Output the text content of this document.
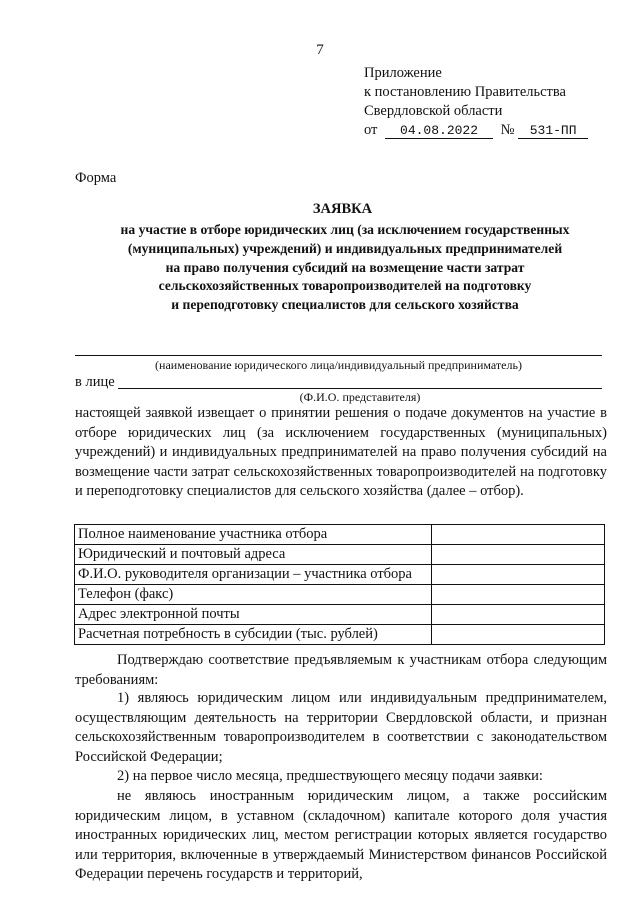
7
Приложение
к постановлению Правительства
Свердловской области
от 04.08.2022 № 531-ПП
Форма
ЗАЯВКА
на участие в отборе юридических лиц (за исключением государственных
(муниципальных) учреждений) и индивидуальных предпринимателей
на право получения субсидий на возмещение части затрат
сельскохозяйственных товаропроизводителей на подготовку
и переподготовку специалистов для сельского хозяйства
(наименование юридического лица/индивидуальный предприниматель)
в лице
(Ф.И.О. представителя)
настоящей заявкой извещает о принятии решения о подаче документов на участие в отборе юридических лиц (за исключением государственных (муниципальных) учреждений) и индивидуальных предпринимателей на право получения субсидий на возмещение части затрат сельскохозяйственных товаропроизводителей на подготовку и переподготовку специалистов для сельского хозяйства (далее – отбор).
Полное наименование участника отбора	
Юридический и почтовый адреса	
Ф.И.О. руководителя организации – участника отбора	
Телефон (факс)	
Адрес электронной почты	
Расчетная потребность в субсидии (тыс. рублей)	
Подтверждаю соответствие предъявляемым к участникам отбора следующим требованиям:
1) являюсь юридическим лицом или индивидуальным предпринимателем, осуществляющим деятельность на территории Свердловской области, и признан сельскохозяйственным товаропроизводителем в соответствии с законодательством Российской Федерации;
2) на первое число месяца, предшествующего месяцу подачи заявки:
не являюсь иностранным юридическим лицом, а также российским юридическим лицом, в уставном (складочном) капитале которого доля участия иностранных юридических лиц, местом регистрации которых является государство или территория, включенные в утверждаемый Министерством финансов Российской Федерации перечень государств и территорий,
